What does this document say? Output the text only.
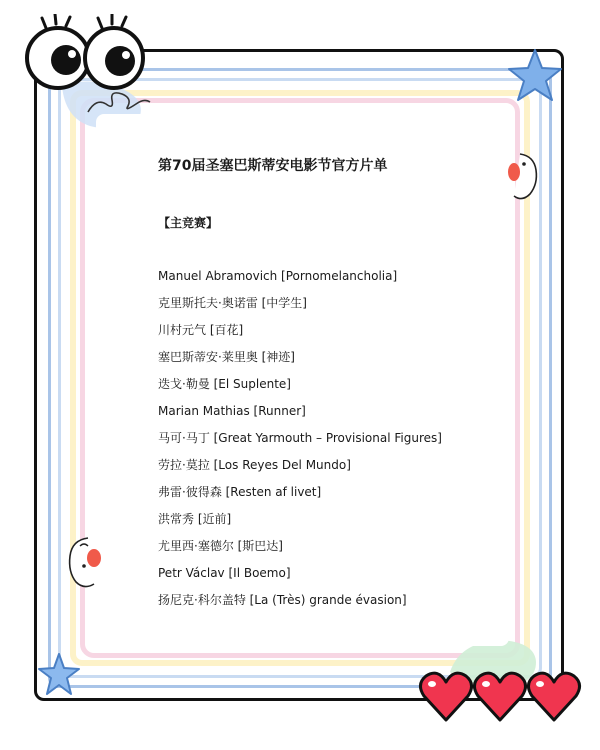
第70届圣塞巴斯蒂安电影节官方片单
【主竞赛】
Manuel Abramovich [Pornomelancholia]
克里斯托夫·奥诺雷 [中学生]
川村元气 [百花]
塞巴斯蒂安·莱里奥 [神迹]
迭戈·勒曼 [El Suplente]
Marian Mathias [Runner]
马可·马丁 [Great Yarmouth – Provisional Figures]
劳拉·莫拉 [Los Reyes Del Mundo]
弗雷·彼得森 [Resten af livet]
洪常秀 [近前]
尤里西·塞德尔 [斯巴达]
Petr Václav [Il Boemo]
扬尼克·科尔盖特 [La (Très) grande évasion]
